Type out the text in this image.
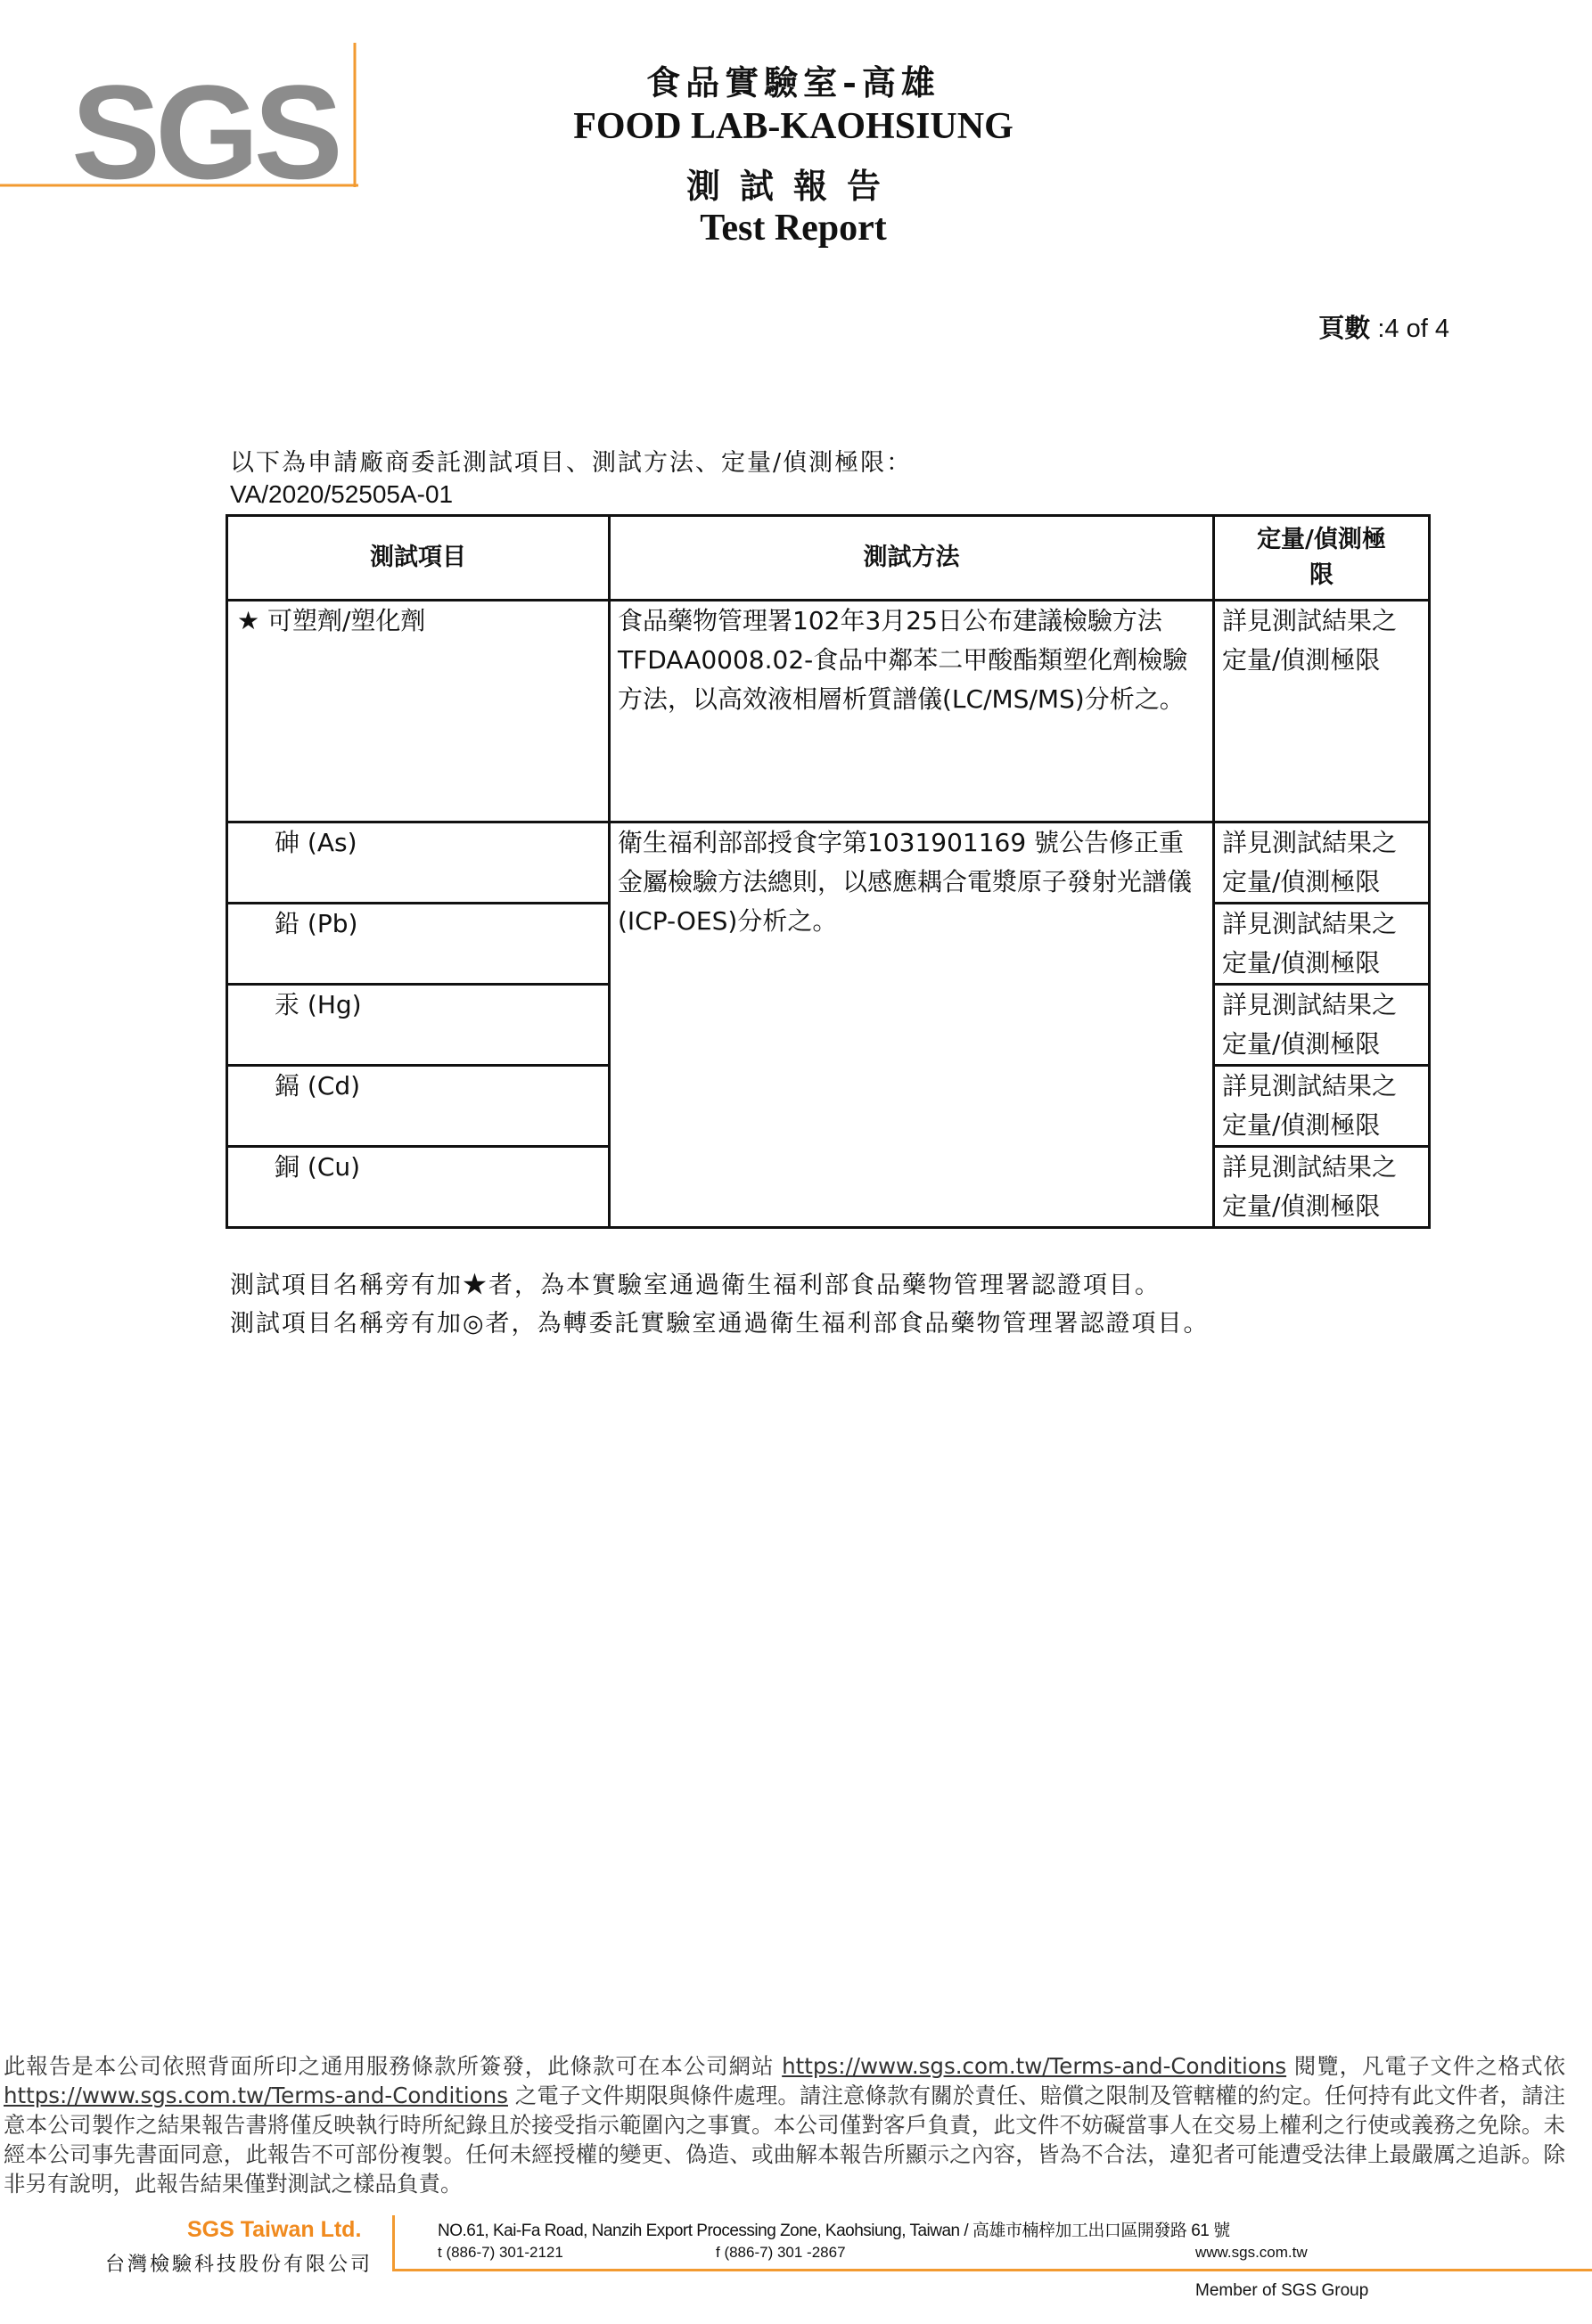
SGS	食品實驗室-高雄
FOOD LAB-KAOHSIUNG
測試報告
Test Report
頁數 :4 of 4
以下為申請廠商委託測試項目、測試方法、定量/偵測極限：
VA/2020/52505A-01
測試項目	測試方法	定量/偵測極限
★ 可塑劑/塑化劑	食品藥物管理署102年3月25日公布建議檢驗方法TFDAA0008.02-食品中鄰苯二甲酸酯類塑化劑檢驗方法，以高效液相層析質譜儀(LC/MS/MS)分析之。	詳見測試結果之定量/偵測極限
砷 (As)	衛生福利部部授食字第1031901169 號公告修正重金屬檢驗方法總則，以感應耦合電漿原子發射光譜儀(ICP-OES)分析之。	詳見測試結果之定量/偵測極限
鉛 (Pb)		詳見測試結果之定量/偵測極限
汞 (Hg)		詳見測試結果之定量/偵測極限
鎘 (Cd)		詳見測試結果之定量/偵測極限
銅 (Cu)		詳見測試結果之定量/偵測極限
測試項目名稱旁有加★者，為本實驗室通過衛生福利部食品藥物管理署認證項目。
測試項目名稱旁有加◎者，為轉委託實驗室通過衛生福利部食品藥物管理署認證項目。
此報告是本公司依照背面所印之通用服務條款所簽發，此條款可在本公司網站 https://www.sgs.com.tw/Terms-and-Conditions 閱覽，凡電子文件之格式依 https://www.sgs.com.tw/Terms-and-Conditions 之電子文件期限與條件處理。請注意條款有關於責任、賠償之限制及管轄權的約定。任何持有此文件者，請注意本公司製作之結果報告書將僅反映執行時所紀錄且於接受指示範圍內之事實。本公司僅對客戶負責，此文件不妨礙當事人在交易上權利之行使或義務之免除。未經本公司事先書面同意，此報告不可部份複製。任何未經授權的變更、偽造、或曲解本報告所顯示之內容，皆為不合法，違犯者可能遭受法律上最嚴厲之追訴。除非另有說明，此報告結果僅對測試之樣品負責。
SGS Taiwan Ltd.
台灣檢驗科技股份有限公司
NO.61, Kai-Fa Road, Nanzih Export Processing Zone, Kaohsiung, Taiwan / 高雄市楠梓加工出口區開發路 61 號
t (886-7) 301-2121	f (886-7) 301 -2867	www.sgs.com.tw
Member of SGS Group
